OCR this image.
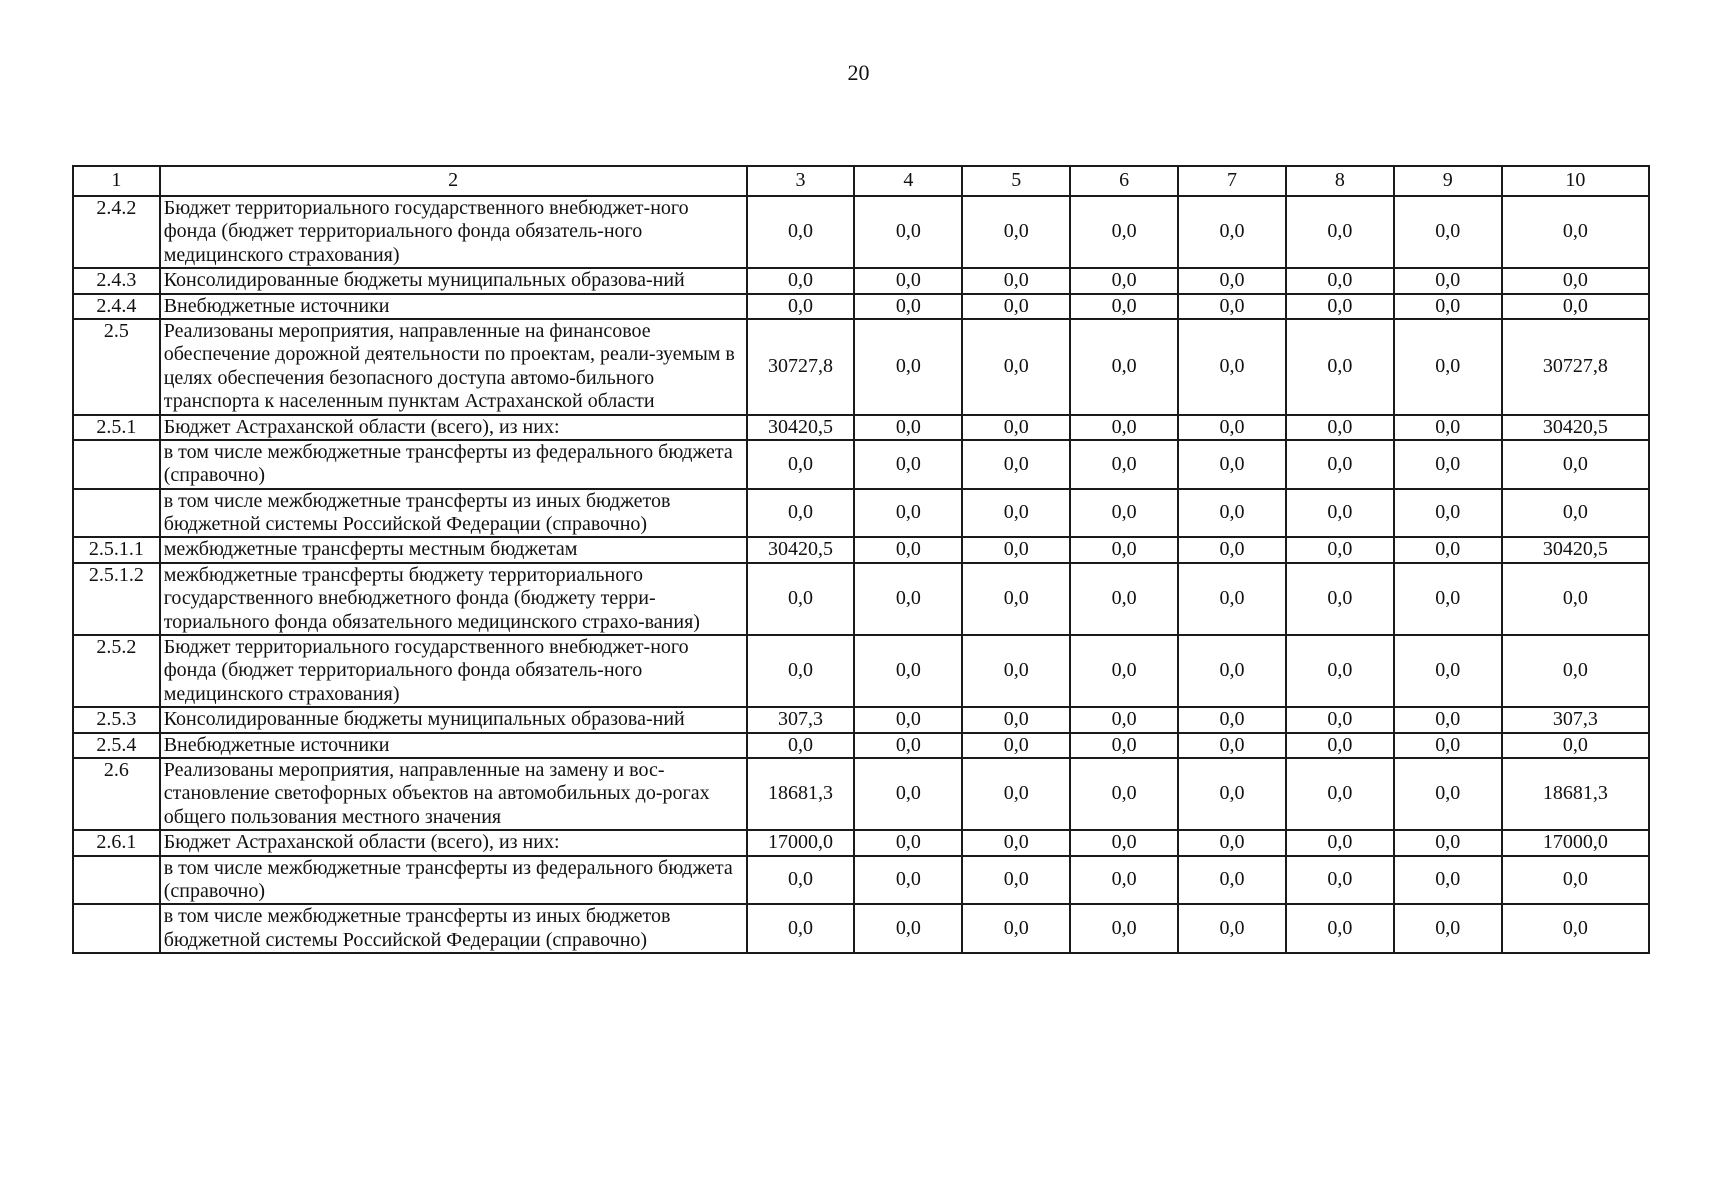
20
1	2	3	4	5	6	7	8	9	10
2.4.2	Бюджет территориального государственного внебюджет-ного фонда (бюджет территориального фонда обязатель-ного медицинского страхования)	0,0	0,0	0,0	0,0	0,0	0,0	0,0	0,0
2.4.3	Консолидированные бюджеты муниципальных образова-ний	0,0	0,0	0,0	0,0	0,0	0,0	0,0	0,0
2.4.4	Внебюджетные источники	0,0	0,0	0,0	0,0	0,0	0,0	0,0	0,0
2.5	Реализованы мероприятия, направленные на финансовое обеспечение дорожной деятельности по проектам, реали-зуемым в целях обеспечения безопасного доступа автомо-бильного транспорта к населенным пунктам Астраханской области	30727,8	0,0	0,0	0,0	0,0	0,0	0,0	30727,8
2.5.1	Бюджет Астраханской области (всего), из них:	30420,5	0,0	0,0	0,0	0,0	0,0	0,0	30420,5
	в том числе межбюджетные трансферты из федерального бюджета (справочно)	0,0	0,0	0,0	0,0	0,0	0,0	0,0	0,0
	в том числе межбюджетные трансферты из иных бюджетов бюджетной системы Российской Федерации (справочно)	0,0	0,0	0,0	0,0	0,0	0,0	0,0	0,0
2.5.1.1	межбюджетные трансферты местным бюджетам	30420,5	0,0	0,0	0,0	0,0	0,0	0,0	30420,5
2.5.1.2	межбюджетные трансферты бюджету территориального государственного внебюджетного фонда (бюджету терри-ториального фонда обязательного медицинского страхо-вания)	0,0	0,0	0,0	0,0	0,0	0,0	0,0	0,0
2.5.2	Бюджет территориального государственного внебюджет-ного фонда (бюджет территориального фонда обязатель-ного медицинского страхования)	0,0	0,0	0,0	0,0	0,0	0,0	0,0	0,0
2.5.3	Консолидированные бюджеты муниципальных образова-ний	307,3	0,0	0,0	0,0	0,0	0,0	0,0	307,3
2.5.4	Внебюджетные источники	0,0	0,0	0,0	0,0	0,0	0,0	0,0	0,0
2.6	Реализованы мероприятия, направленные на замену и вос-становление светофорных объектов на автомобильных до-рогах общего пользования местного значения	18681,3	0,0	0,0	0,0	0,0	0,0	0,0	18681,3
2.6.1	Бюджет Астраханской области (всего), из них:	17000,0	0,0	0,0	0,0	0,0	0,0	0,0	17000,0
	в том числе межбюджетные трансферты из федерального бюджета (справочно)	0,0	0,0	0,0	0,0	0,0	0,0	0,0	0,0
	в том числе межбюджетные трансферты из иных бюджетов бюджетной системы Российской Федерации (справочно)	0,0	0,0	0,0	0,0	0,0	0,0	0,0	0,0
